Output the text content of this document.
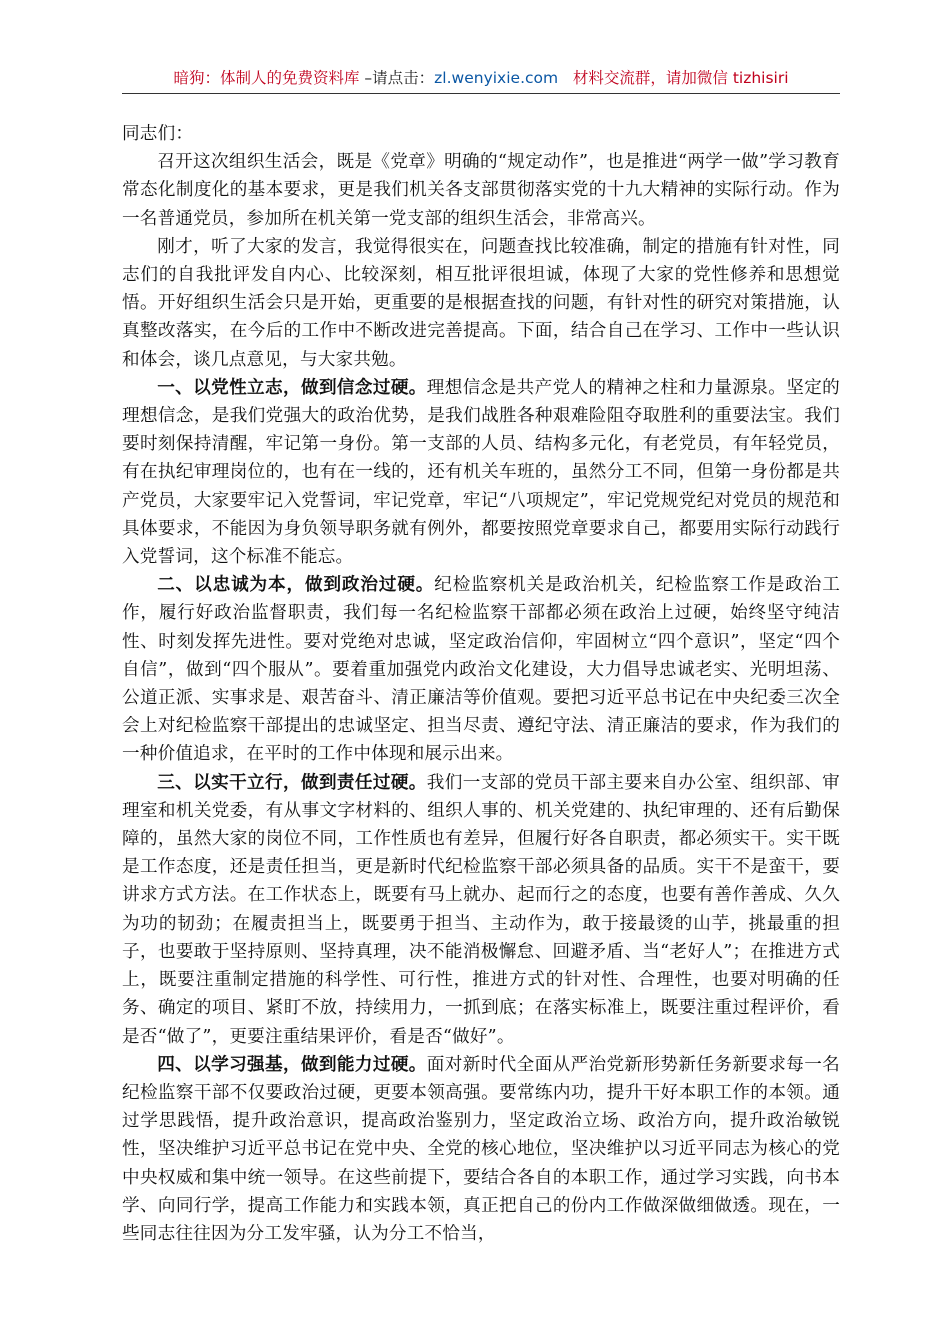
暗狗：体制人的免费资料库 –请点击：zl.wenyixie.com 材料交流群，请加微信 tizhisiri

同志们：

召开这次组织生活会，既是《党章》明确的“规定动作”，也是推进“两学一做”学习教育常态化制度化的基本要求，更是我们机关各支部贯彻落实党的十九大精神的实际行动。作为一名普通党员，参加所在机关第一党支部的组织生活会，非常高兴。

刚才，听了大家的发言，我觉得很实在，问题查找比较准确，制定的措施有针对性，同志们的自我批评发自内心、比较深刻，相互批评很坦诚，体现了大家的党性修养和思想觉悟。开好组织生活会只是开始，更重要的是根据查找的问题，有针对性的研究对策措施，认真整改落实，在今后的工作中不断改进完善提高。下面，结合自己在学习、工作中一些认识和体会，谈几点意见，与大家共勉。

一、以党性立志，做到信念过硬。理想信念是共产党人的精神之柱和力量源泉。坚定的理想信念，是我们党强大的政治优势，是我们战胜各种艰难险阻夺取胜利的重要法宝。我们要时刻保持清醒，牢记第一身份。第一支部的人员、结构多元化，有老党员，有年轻党员，有在执纪审理岗位的，也有在一线的，还有机关车班的，虽然分工不同，但第一身份都是共产党员，大家要牢记入党誓词，牢记党章，牢记“八项规定”，牢记党规党纪对党员的规范和具体要求，不能因为身负领导职务就有例外，都要按照党章要求自己，都要用实际行动践行入党誓词，这个标准不能忘。

二、以忠诚为本，做到政治过硬。纪检监察机关是政治机关，纪检监察工作是政治工作，履行好政治监督职责，我们每一名纪检监察干部都必须在政治上过硬，始终坚守纯洁性、时刻发挥先进性。要对党绝对忠诚，坚定政治信仰，牢固树立“四个意识”，坚定“四个自信”，做到“四个服从”。要着重加强党内政治文化建设，大力倡导忠诚老实、光明坦荡、公道正派、实事求是、艰苦奋斗、清正廉洁等价值观。要把习近平总书记在中央纪委三次全会上对纪检监察干部提出的忠诚坚定、担当尽责、遵纪守法、清正廉洁的要求，作为我们的一种价值追求，在平时的工作中体现和展示出来。

三、以实干立行，做到责任过硬。我们一支部的党员干部主要来自办公室、组织部、审理室和机关党委，有从事文字材料的、组织人事的、机关党建的、执纪审理的、还有后勤保障的，虽然大家的岗位不同，工作性质也有差异，但履行好各自职责，都必须实干。实干既是工作态度，还是责任担当，更是新时代纪检监察干部必须具备的品质。实干不是蛮干，要讲求方式方法。在工作状态上，既要有马上就办、起而行之的态度，也要有善作善成、久久为功的韧劲；在履责担当上，既要勇于担当、主动作为，敢于接最烫的山芋，挑最重的担子，也要敢于坚持原则、坚持真理，决不能消极懈怠、回避矛盾、当“老好人”；在推进方式上，既要注重制定措施的科学性、可行性，推进方式的针对性、合理性，也要对明确的任务、确定的项目、紧盯不放，持续用力，一抓到底；在落实标准上，既要注重过程评价，看是否“做了”，更要注重结果评价，看是否“做好”。

四、以学习强基，做到能力过硬。面对新时代全面从严治党新形势新任务新要求每一名纪检监察干部不仅要政治过硬，更要本领高强。要常练内功，提升干好本职工作的本领。通过学思践悟，提升政治意识，提高政治鉴别力，坚定政治立场、政治方向，提升政治敏锐性，坚决维护习近平总书记在党中央、全党的核心地位，坚决维护以习近平同志为核心的党中央权威和集中统一领导。在这些前提下，要结合各自的本职工作，通过学习实践，向书本学、向同行学，提高工作能力和实践本领，真正把自己的份内工作做深做细做透。现在，一些同志往往因为分工发牢骚，认为分工不恰当，
